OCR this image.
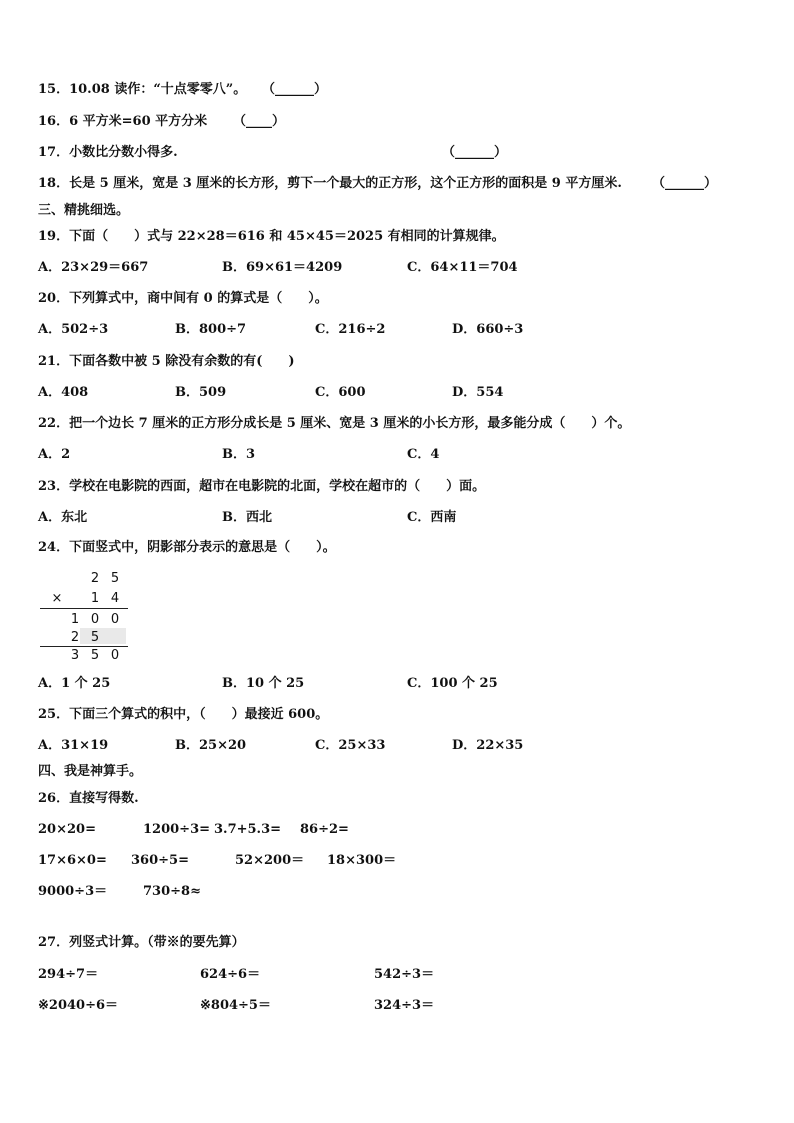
15．10.08 读作：“十点零零八”。 （______）
16．6 平方米=60 平方分米 （____）
17．小数比分数小得多.	（______）
18．长是 5 厘米，宽是 3 厘米的长方形，剪下一个最大的正方形，这个正方形的面积是 9 平方厘米. （______）
三、精挑细选。
19．下面（　　）式与 22×28＝616 和 45×45＝2025 有相同的计算规律。
A．23×29＝667	B．69×61＝4209	C．64×11＝704
20．下列算式中，商中间有 0 的算式是（　　）。
A．502÷3	B．800÷7	C．216÷2	D．660÷3
21．下面各数中被 5 除没有余数的有(　　)
A．408	B．509	C．600	D．554
22．把一个边长 7 厘米的正方形分成长是 5 厘米、宽是 3 厘米的小长方形，最多能分成（　　）个。
A．2	B．3	C．4
23．学校在电影院的西面，超市在电影院的北面，学校在超市的（　　）面。
A．东北	B．西北	C．西南
24．下面竖式中，阴影部分表示的意思是（　　）。
2 5
×	1 4
1 0 0
2 5
3 5 0
A．1 个 25	B．10 个 25	C．100 个 25
25．下面三个算式的积中，（　　）最接近 600。
A．31×19	B．25×20	C．25×33	D．22×35
四、我是神算手。
26．直接写得数.
20×20=	1200÷3= 3.7+5.3= 86÷2=
17×6×0= 360÷5=	52×200＝ 18×300＝
9000÷3＝	730÷8≈
27．列竖式计算。（带※的要先算）
294÷7＝	624÷6＝	542÷3＝
※2040÷6＝	※804÷5＝	324÷3＝
